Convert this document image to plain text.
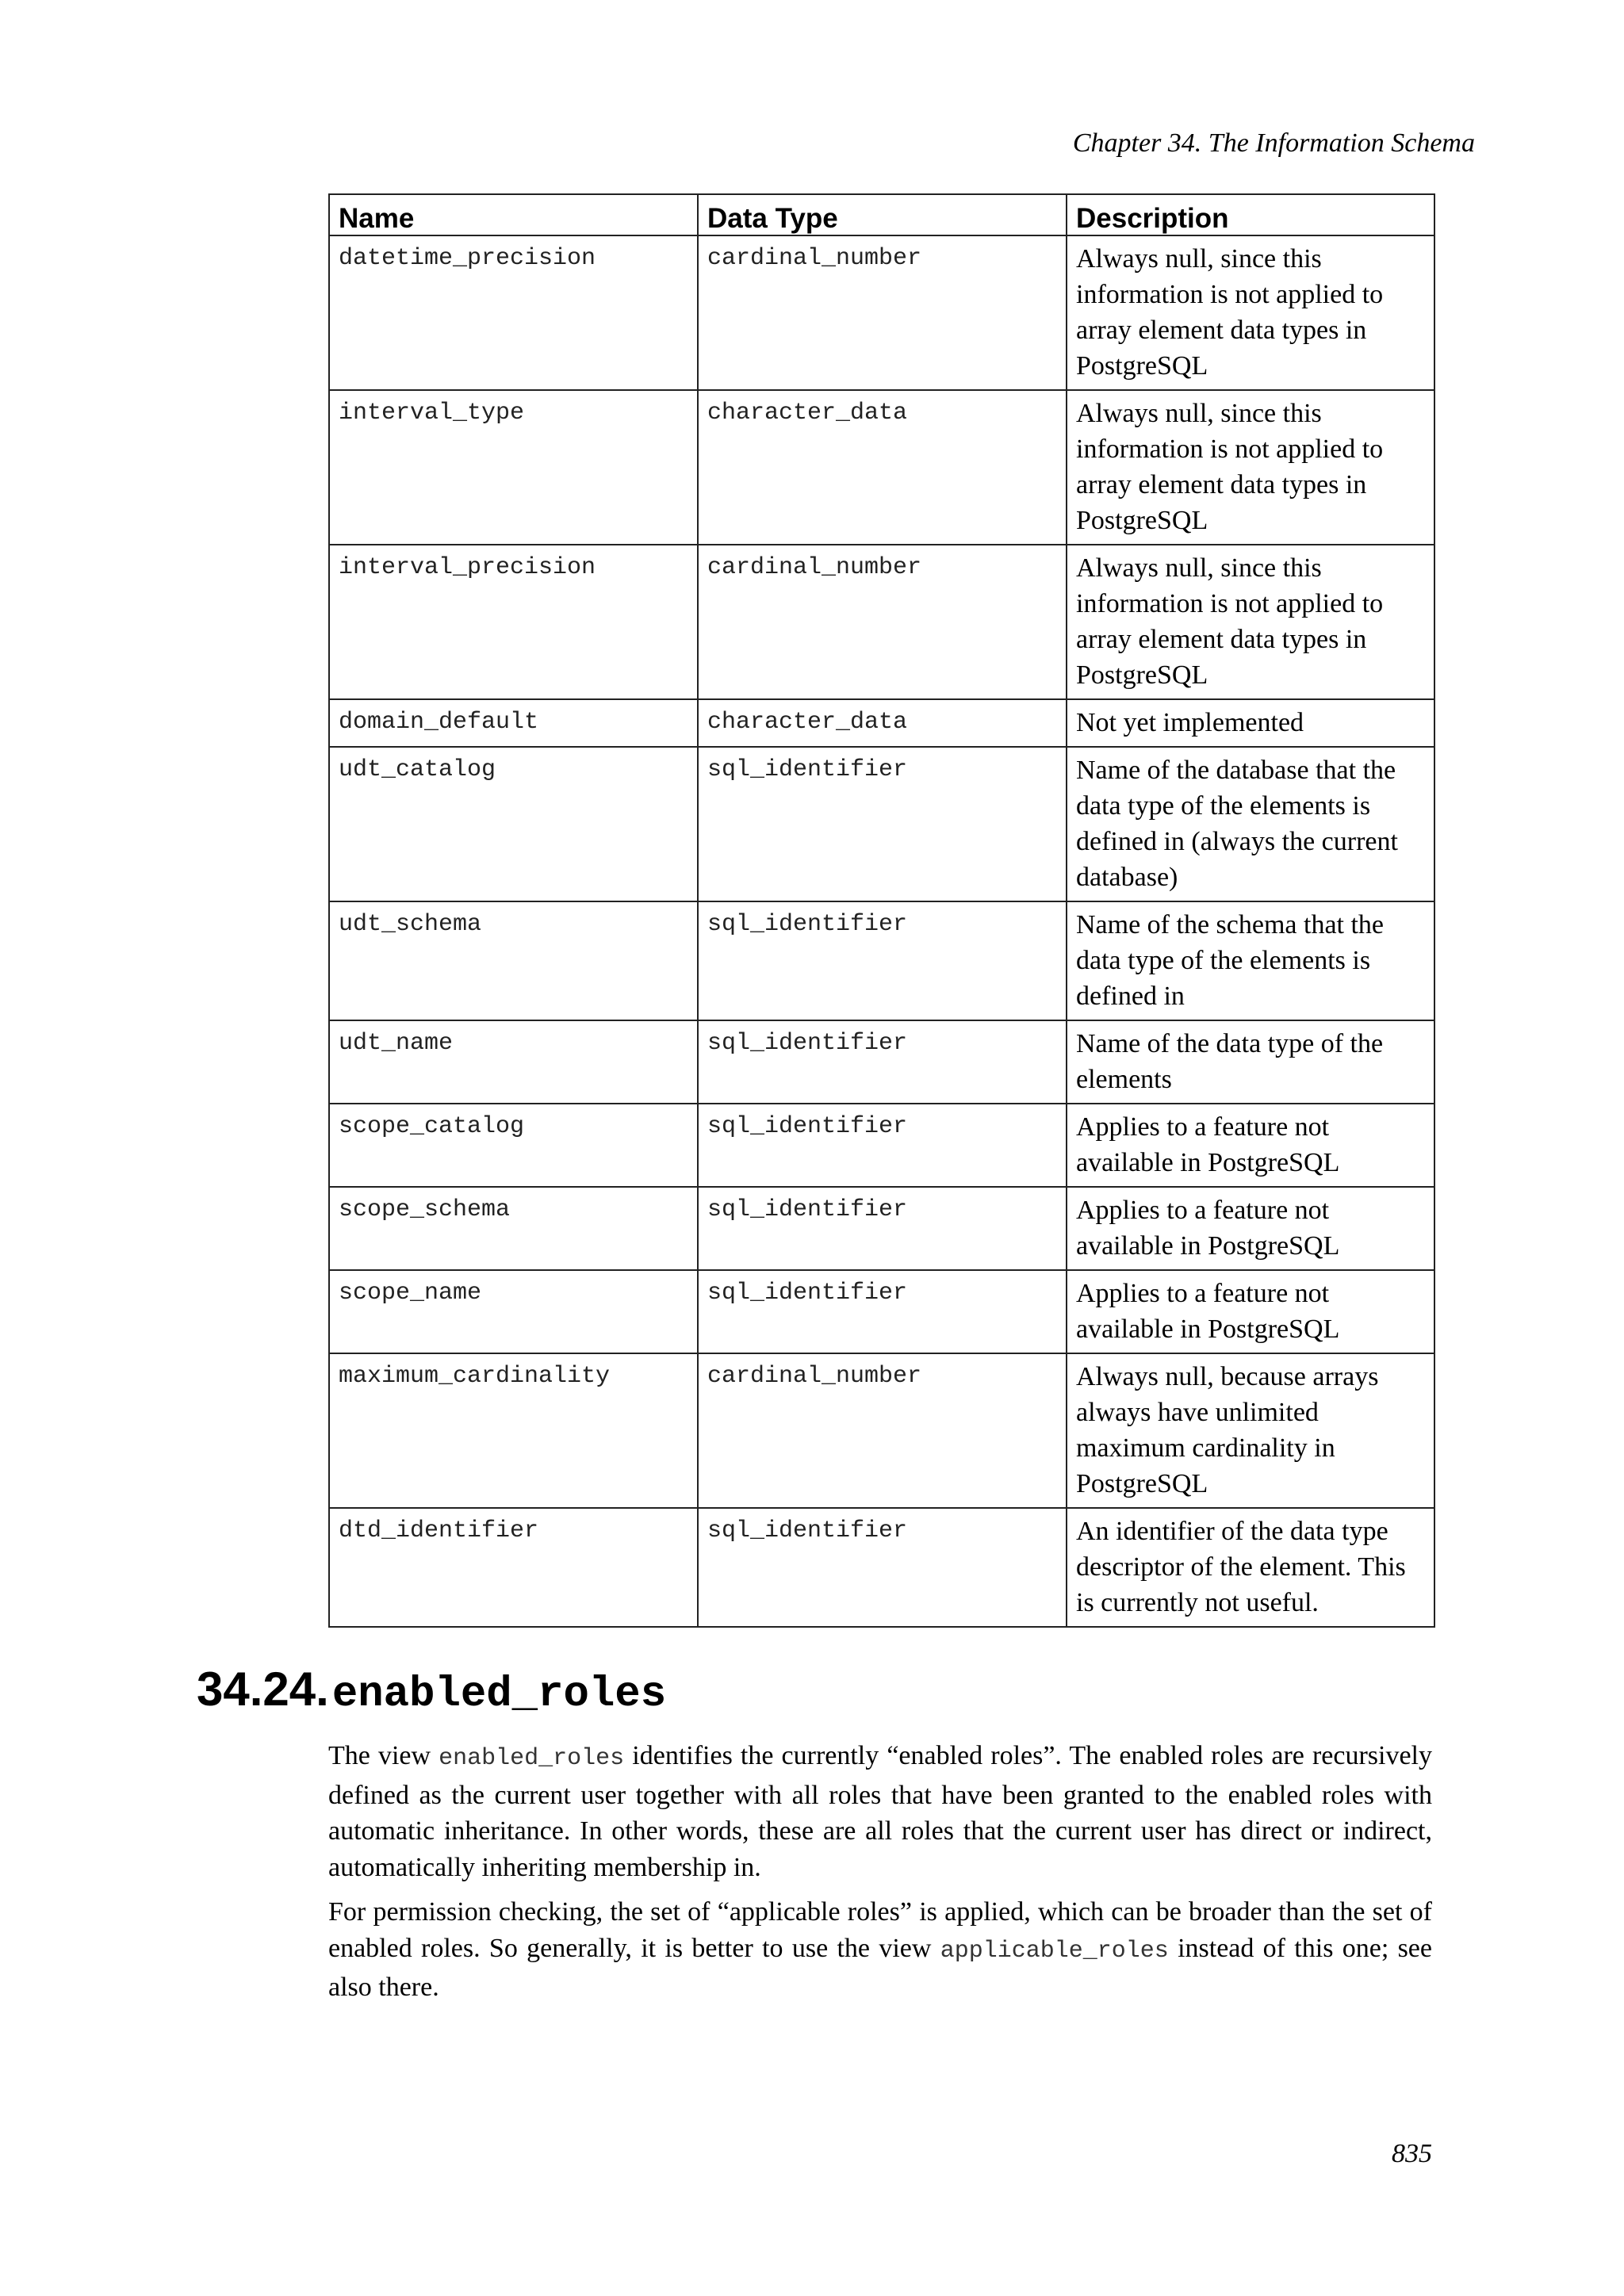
Chapter 34. The Information Schema
Name	Data Type	Description
datetime_precision	cardinal_number	Always null, since this information is not applied to array element data types in PostgreSQL
interval_type	character_data	Always null, since this information is not applied to array element data types in PostgreSQL
interval_precision	cardinal_number	Always null, since this information is not applied to array element data types in PostgreSQL
domain_default	character_data	Not yet implemented
udt_catalog	sql_identifier	Name of the database that the data type of the elements is defined in (always the current database)
udt_schema	sql_identifier	Name of the schema that the data type of the elements is defined in
udt_name	sql_identifier	Name of the data type of the elements
scope_catalog	sql_identifier	Applies to a feature not available in PostgreSQL
scope_schema	sql_identifier	Applies to a feature not available in PostgreSQL
scope_name	sql_identifier	Applies to a feature not available in PostgreSQL
maximum_cardinality	cardinal_number	Always null, because arrays always have unlimited maximum cardinality in PostgreSQL
dtd_identifier	sql_identifier	An identifier of the data type descriptor of the element. This is currently not useful.
34.24. enabled_roles

The view enabled_roles identifies the currently “enabled roles”. The enabled roles are recursively defined as the current user together with all roles that have been granted to the enabled roles with automatic inheritance. In other words, these are all roles that the current user has direct or indirect, automatically inheriting membership in.

For permission checking, the set of “applicable roles” is applied, which can be broader than the set of enabled roles. So generally, it is better to use the view applicable_roles instead of this one; see also there.

835
